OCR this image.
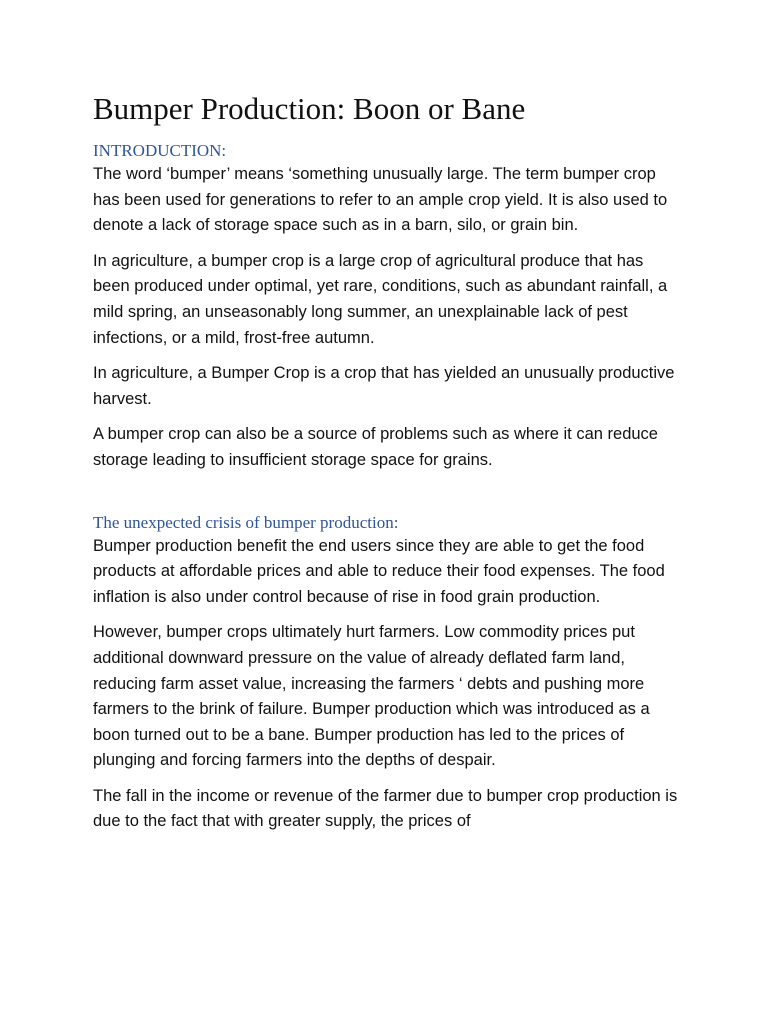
Bumper Production: Boon or Bane
INTRODUCTION:

The word ‘bumper’ means ‘something unusually large. The term bumper crop has been used for generations to refer to an ample crop yield. It is also used to denote a lack of storage space such as in a barn, silo, or grain bin.

In agriculture, a bumper crop is a large crop of agricultural produce that has been produced under optimal, yet rare, conditions, such as abundant rainfall, a mild spring, an unseasonably long summer, an unexplainable lack of pest infections, or a mild, frost-free autumn.

In agriculture, a Bumper Crop is a crop that has yielded an unusually productive harvest.

A bumper crop can also be a source of problems such as where it can reduce storage leading to insufficient storage space for grains.

The unexpected crisis of bumper production:

Bumper production benefit the end users since they are able to get the food products at affordable prices and able to reduce their food expenses. The food inflation is also under control because of rise in food grain production.

However, bumper crops ultimately hurt farmers. Low commodity prices put additional downward pressure on the value of already deflated farm land, reducing farm asset value, increasing the farmers ‘ debts and pushing more farmers to the brink of failure. Bumper production which was introduced as a boon turned out to be a bane. Bumper production has led to the prices of plunging and forcing farmers into the depths of despair.

The fall in the income or revenue of the farmer due to bumper crop production is due to the fact that with greater supply, the prices of
